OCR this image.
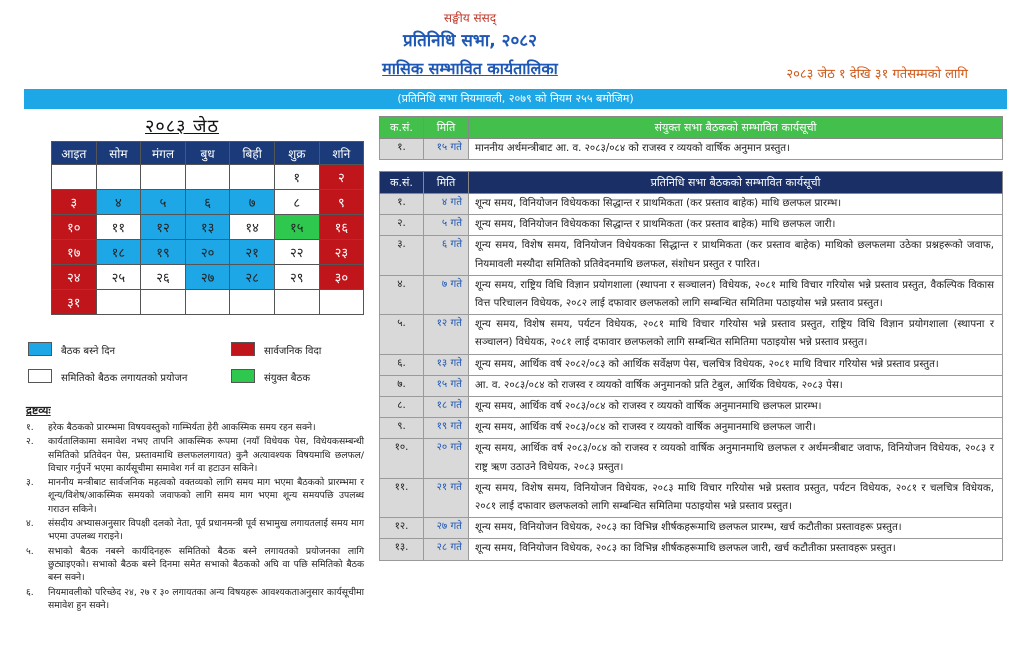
सङ्घीय संसद्
प्रतिनिधि सभा, २०८२
मासिक सम्भावित कार्यतालिका	२०८३ जेठ १ देखि ३१ गतेसम्मको लागि
(प्रतिनिधि सभा नियमावली, २०७९ को नियम २५५ बमोजिम)
२०८३ जेठ
आइत	सोम	मंगल	बुध	बिही	शुक्र	शनि
					१	२
३	४	५	६	७	८	९
१०	११	१२	१३	१४	१५	१६
१७	१८	१९	२०	२१	२२	२३
२४	२५	२६	२७	२८	२९	३०
३१						
बैठक बस्ने दिन	सार्वजनिक विदा
समितिको बैठक लगायतको प्रयोजन	संयुक्त बैठक
द्रष्टव्यः
१.	हरेक बैठकको प्रारम्भमा विषयवस्तुको गाम्भिर्यता हेरी आकस्मिक समय रहन सक्ने।
२.	कार्यतालिकामा समावेश नभए तापनि आकस्मिक रूपमा (नयाँ विधेयक पेस, विधेयकसम्बन्धी समितिको प्रतिवेदन पेस, प्रस्तावमाथि छलफललगायत) कुनै अत्यावश्यक विषयमाथि छलफल/विचार गर्नुपर्ने भएमा कार्यसूचीमा समावेश गर्न वा हटाउन सकिने।
३.	माननीय मन्त्रीबाट सार्वजनिक महत्वको वक्तव्यको लागि समय माग भएमा बैठकको प्रारम्भमा र शून्य/विशेष/आकस्मिक समयको जवाफको लागि समय माग भएमा शून्य समयपछि उपलब्ध गराउन सकिने।
४.	संसदीय अभ्यासअनुसार विपक्षी दलको नेता, पूर्व प्रधानमन्त्री पूर्व सभामुख लगायतलाई समय माग भएमा उपलब्ध गराइने।
५.	सभाको बैठक नबस्ने कार्यदिनहरू समितिको बैठक बस्ने लगायतको प्रयोजनका लागि छुट्याइएको। सभाको बैठक बस्ने दिनमा समेत सभाको बैठकको अघि वा पछि समितिको बैठक बस्न सक्ने।
६.	नियमावलीको परिच्छेद २४, २७ र ३० लगायतका अन्य विषयहरू आवश्यकताअनुसार कार्यसूचीमा समावेश हुन सक्ने।
क.सं.	मिति	संयुक्त सभा बैठकको सम्भावित कार्यसूची
१.	१५ गते	माननीय अर्थमन्त्रीबाट आ. व. २०८३/०८४ को राजस्व र व्ययको वार्षिक अनुमान प्रस्तुत।
क.सं.	मिति	प्रतिनिधि सभा बैठकको सम्भावित कार्यसूची
१.	४ गते	शून्य समय, विनियोजन विधेयकका सिद्धान्त र प्राथमिकता (कर प्रस्ताव बाहेक) माथि छलफल प्रारम्भ।
२.	५ गते	शून्य समय, विनियोजन विधेयकका सिद्धान्त र प्राथमिकता (कर प्रस्ताव बाहेक) माथि छलफल जारी।
३.	६ गते	शून्य समय, विशेष समय, विनियोजन विधेयकका सिद्धान्त र प्राथमिकता (कर प्रस्ताव बाहेक) माथिको छलफलमा उठेका प्रश्नहरूको जवाफ, नियमावली मस्यौदा समितिको प्रतिवेदनमाथि छलफल, संशोधन प्रस्तुत र पारित।
४.	७ गते	शून्य समय, राष्ट्रिय विधि विज्ञान प्रयोगशाला (स्थापना र सञ्चालन) विधेयक, २०८१ माथि विचार गरियोस भन्ने प्रस्ताव प्रस्तुत, वैकल्पिक विकास वित्त परिचालन विधेयक, २०८२ लाई दफावार छलफलको लागि सम्बन्धित समितिमा पठाइयोस भन्ने प्रस्ताव प्रस्तुत।
५.	१२ गते	शून्य समय, विशेष समय, पर्यटन विधेयक, २०८१ माथि विचार गरियोस भन्ने प्रस्ताव प्रस्तुत, राष्ट्रिय विधि विज्ञान प्रयोगशाला (स्थापना र सञ्चालन) विधेयक, २०८१ लाई दफावार छलफलको लागि सम्बन्धित समितिमा पठाइयोस भन्ने प्रस्ताव प्रस्तुत।
६.	१३ गते	शून्य समय, आर्थिक वर्ष २०८२/०८३ को आर्थिक सर्वेक्षण पेस, चलचित्र विधेयक, २०८१ माथि विचार गरियोस भन्ने प्रस्ताव प्रस्तुत।
७.	१५ गते	आ. व. २०८३/०८४ को राजस्व र व्ययको वार्षिक अनुमानको प्रति टेबुल, आर्थिक विधेयक, २०८३ पेस।
८.	१८ गते	शून्य समय, आर्थिक वर्ष २०८३/०८४ को राजस्व र व्ययको वार्षिक अनुमानमाथि छलफल प्रारम्भ।
९.	१९ गते	शून्य समय, आर्थिक वर्ष २०८३/०८४ को राजस्व र व्ययको वार्षिक अनुमानमाथि छलफल जारी।
१०.	२० गते	शून्य समय, आर्थिक वर्ष २०८३/०८४ को राजस्व र व्ययको वार्षिक अनुमानमाथि छलफल र अर्थमन्त्रीबाट जवाफ, विनियोजन विधेयक, २०८३ र राष्ट्र ऋण उठाउने विधेयक, २०८३ प्रस्तुत।
११.	२१ गते	शून्य समय, विशेष समय, विनियोजन विधेयक, २०८३ माथि विचार गरियोस भन्ने प्रस्ताव प्रस्तुत, पर्यटन विधेयक, २०८१ र चलचित्र विधेयक, २०८१ लाई दफावार छलफलको लागि सम्बन्धित समितिमा पठाइयोस भन्ने प्रस्ताव प्रस्तुत।
१२.	२७ गते	शून्य समय, विनियोजन विधेयक, २०८३ का विभिन्न शीर्षकहरूमाथि छलफल प्रारम्भ, खर्च कटौतीका प्रस्तावहरू प्रस्तुत।
१३.	२८ गते	शून्य समय, विनियोजन विधेयक, २०८३ का विभिन्न शीर्षकहरूमाथि छलफल जारी, खर्च कटौतीका प्रस्तावहरू प्रस्तुत।
